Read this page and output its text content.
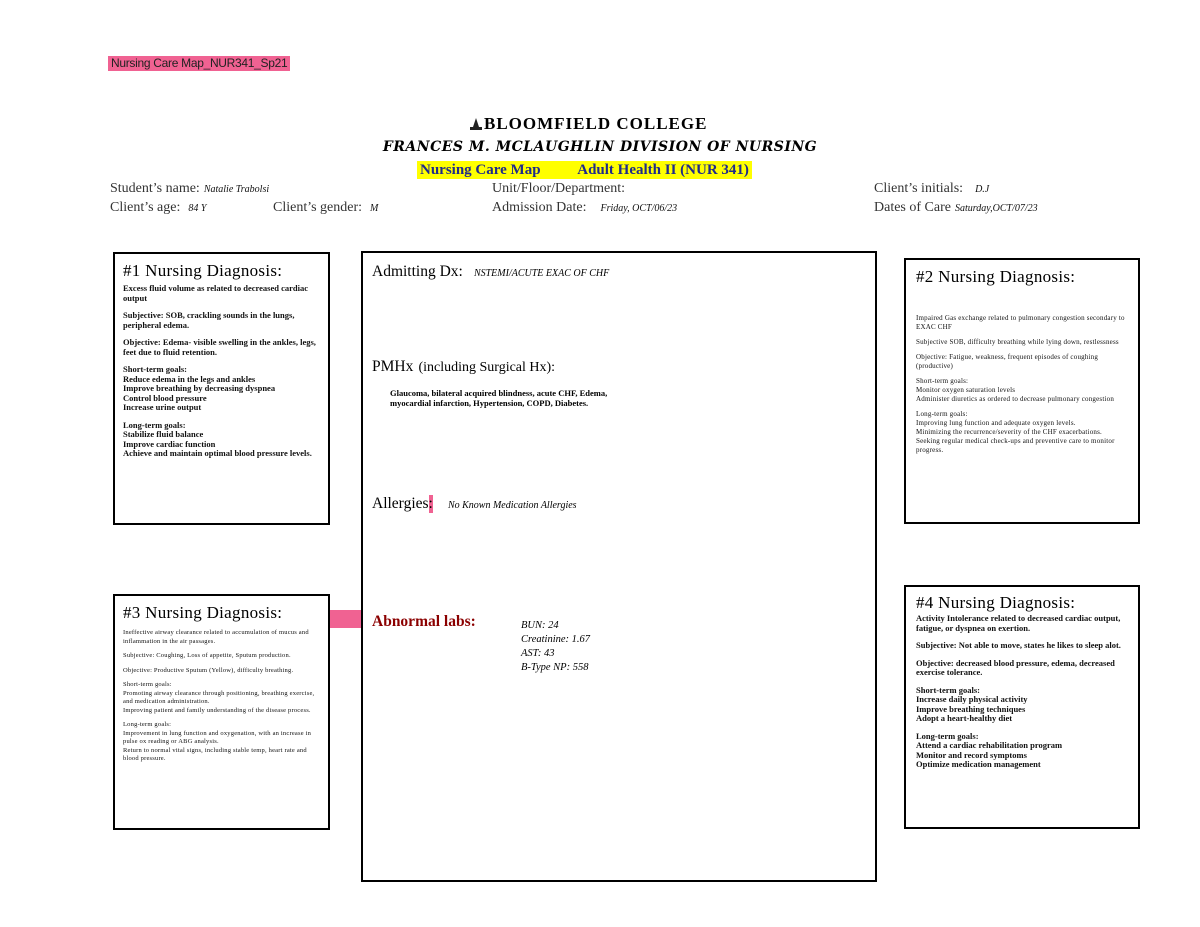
Nursing Care Map_NUR341_Sp21
BLOOMFIELD COLLEGE
FRANCES M. MCLAUGHLIN DIVISION OF NURSING
Nursing Care Map Adult Health II (NUR 341)
Student’s name: Natalie Trabolsi
Client’s age: 84 Y	Client’s gender: M
Unit/Floor/Department:
Admission Date: Friday, OCT/06/23
Client’s initials: D.J
Dates of Care Saturday,OCT/07/23
#1 Nursing Diagnosis:

Excess fluid volume as related to decreased cardiac output

Subjective: SOB, crackling sounds in the lungs, peripheral edema.

Objective: Edema- visible swelling in the ankles, legs, feet due to fluid retention.

Short-term goals:
Reduce edema in the legs and ankles
Improve breathing by decreasing dyspnea
Control blood pressure
Increase urine output

Long-term goals:
Stabilize fluid balance
Improve cardiac function
Achieve and maintain optimal blood pressure levels.

#3 Nursing Diagnosis:

Ineffective airway clearance related to accumulation of mucus and inflammation in the air passages.

Subjective: Coughing, Loss of appetite, Sputum production.

Objective: Productive Sputum (Yellow), difficulty breathing.

Short-term goals:
Promoting airway clearance through positioning, breathing exercise, and medication administration.
Improving patient and family understanding of the disease process.

Long-term goals:
Improvement in lung function and oxygenation, with an increase in pulse ox reading or ABG analysis.
Return to normal vital signs, including stable temp, heart rate and blood pressure.

Admitting Dx: NSTEMI/ACUTE EXAC OF CHF
PMHx (including Surgical Hx):
Glaucoma, bilateral acquired blindness, acute CHF, Edema, myocardial infarction, Hypertension, COPD, Diabetes.
Allergies: No Known Medication Allergies
Abnormal labs:	BUN: 24
Creatinine: 1.67
AST: 43
B-Type NP: 558
#2 Nursing Diagnosis:

Impaired Gas exchange related to pulmonary congestion secondary to EXAC CHF

Subjective SOB, difficulty breathing while lying down, restlessness

Objective: Fatigue, weakness, frequent episodes of coughing (productive)

Short-term goals:
Monitor oxygen saturation levels
Administer diuretics as ordered to decrease pulmonary congestion

Long-term goals:
Improving lung function and adequate oxygen levels.
Minimizing the recurrence/severity of the CHF exacerbations.
Seeking regular medical check-ups and preventive care to monitor progress.

#4 Nursing Diagnosis:

Activity Intolerance related to decreased cardiac output, fatigue, or dyspnea on exertion.

Subjective: Not able to move, states he likes to sleep alot.

Objective: decreased blood pressure, edema, decreased exercise tolerance.

Short-term goals:
Increase daily physical activity
Improve breathing techniques
Adopt a heart-healthy diet

Long-term goals:
Attend a cardiac rehabilitation program
Monitor and record symptoms
Optimize medication management
